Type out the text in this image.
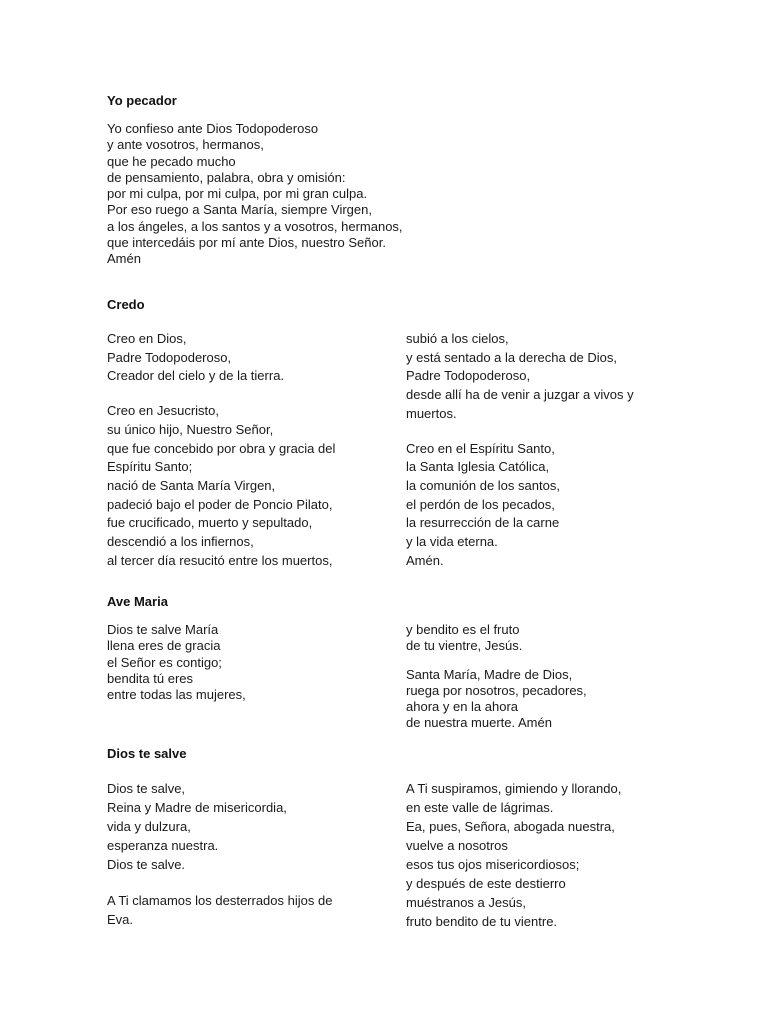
Yo pecador
Yo confieso ante Dios Todopoderoso
y ante vosotros, hermanos,
que he pecado mucho
de pensamiento, palabra, obra y omisión:
por mi culpa, por mi culpa, por mi gran culpa.
Por eso ruego a Santa María, siempre Virgen,
a los ángeles, a los santos y a vosotros, hermanos,
que intercedáis por mí ante Dios, nuestro Señor.
Amén
Credo
Creo en Dios,
Padre Todopoderoso,
Creador del cielo y de la tierra.
Creo en Jesucristo,
su único hijo, Nuestro Señor,
que fue concebido por obra y gracia del
Espíritu Santo;
nació de Santa María Virgen,
padeció bajo el poder de Poncio Pilato,
fue crucificado, muerto y sepultado,
descendió a los infiernos,
al tercer día resucitó entre los muertos,
subió a los cielos,
y está sentado a la derecha de Dios,
Padre Todopoderoso,
desde allí ha de venir a juzgar a vivos y
muertos.
Creo en el Espíritu Santo,
la Santa Iglesia Católica,
la comunión de los santos,
el perdón de los pecados,
la resurrección de la carne
y la vida eterna.
Amén.
Ave Maria
Dios te salve María
llena eres de gracia
el Señor es contigo;
bendita tú eres
entre todas las mujeres,
y bendito es el fruto
de tu vientre, Jesús.
Santa María, Madre de Dios,
ruega por nosotros, pecadores,
ahora y en la ahora
de nuestra muerte. Amén
Dios te salve
Dios te salve,
Reina y Madre de misericordia,
vida y dulzura,
esperanza nuestra.
Dios te salve.
A Ti clamamos los desterrados hijos de
Eva.
A Ti suspiramos, gimiendo y llorando,
en este valle de lágrimas.
Ea, pues, Señora, abogada nuestra,
vuelve a nosotros
esos tus ojos misericordiosos;
y después de este destierro
muéstranos a Jesús,
fruto bendito de tu vientre.
